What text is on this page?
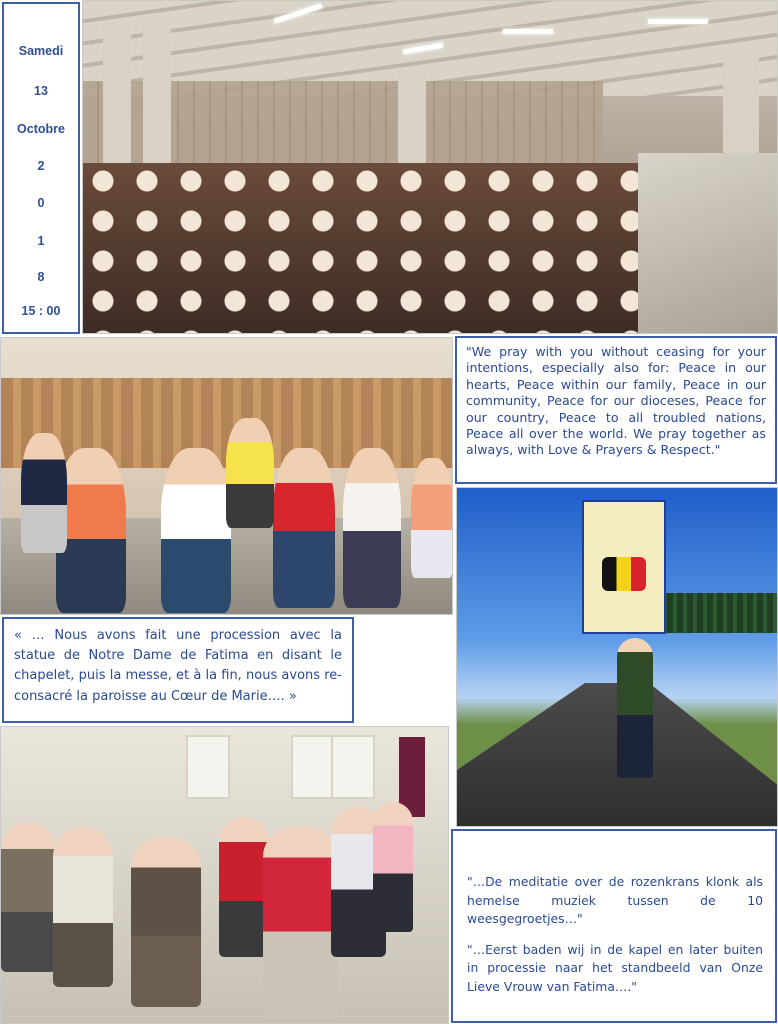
Samedi
13
Octobre
2
0
1
8
15 : 00

"We pray with you without ceasing for your intentions, especially also for: Peace in our hearts, Peace within our family, Peace in our community, Peace for our dioceses, Peace for our country, Peace to all troubled nations, Peace all over the world. We pray together as always, with Love & Prayers & Respect."

« … Nous avons fait une procession avec la statue de Notre Dame de Fatima en disant le chapelet, puis la messe, et à la fin, nous avons re-consacré la paroisse au Cœur de Marie…. »

"…De meditatie over de rozenkrans klonk als hemelse muziek tussen de 10 weesgegroetjes…"

"…Eerst baden wij in de kapel en later buiten in processie naar het standbeeld van Onze Lieve Vrouw van Fatima…."
